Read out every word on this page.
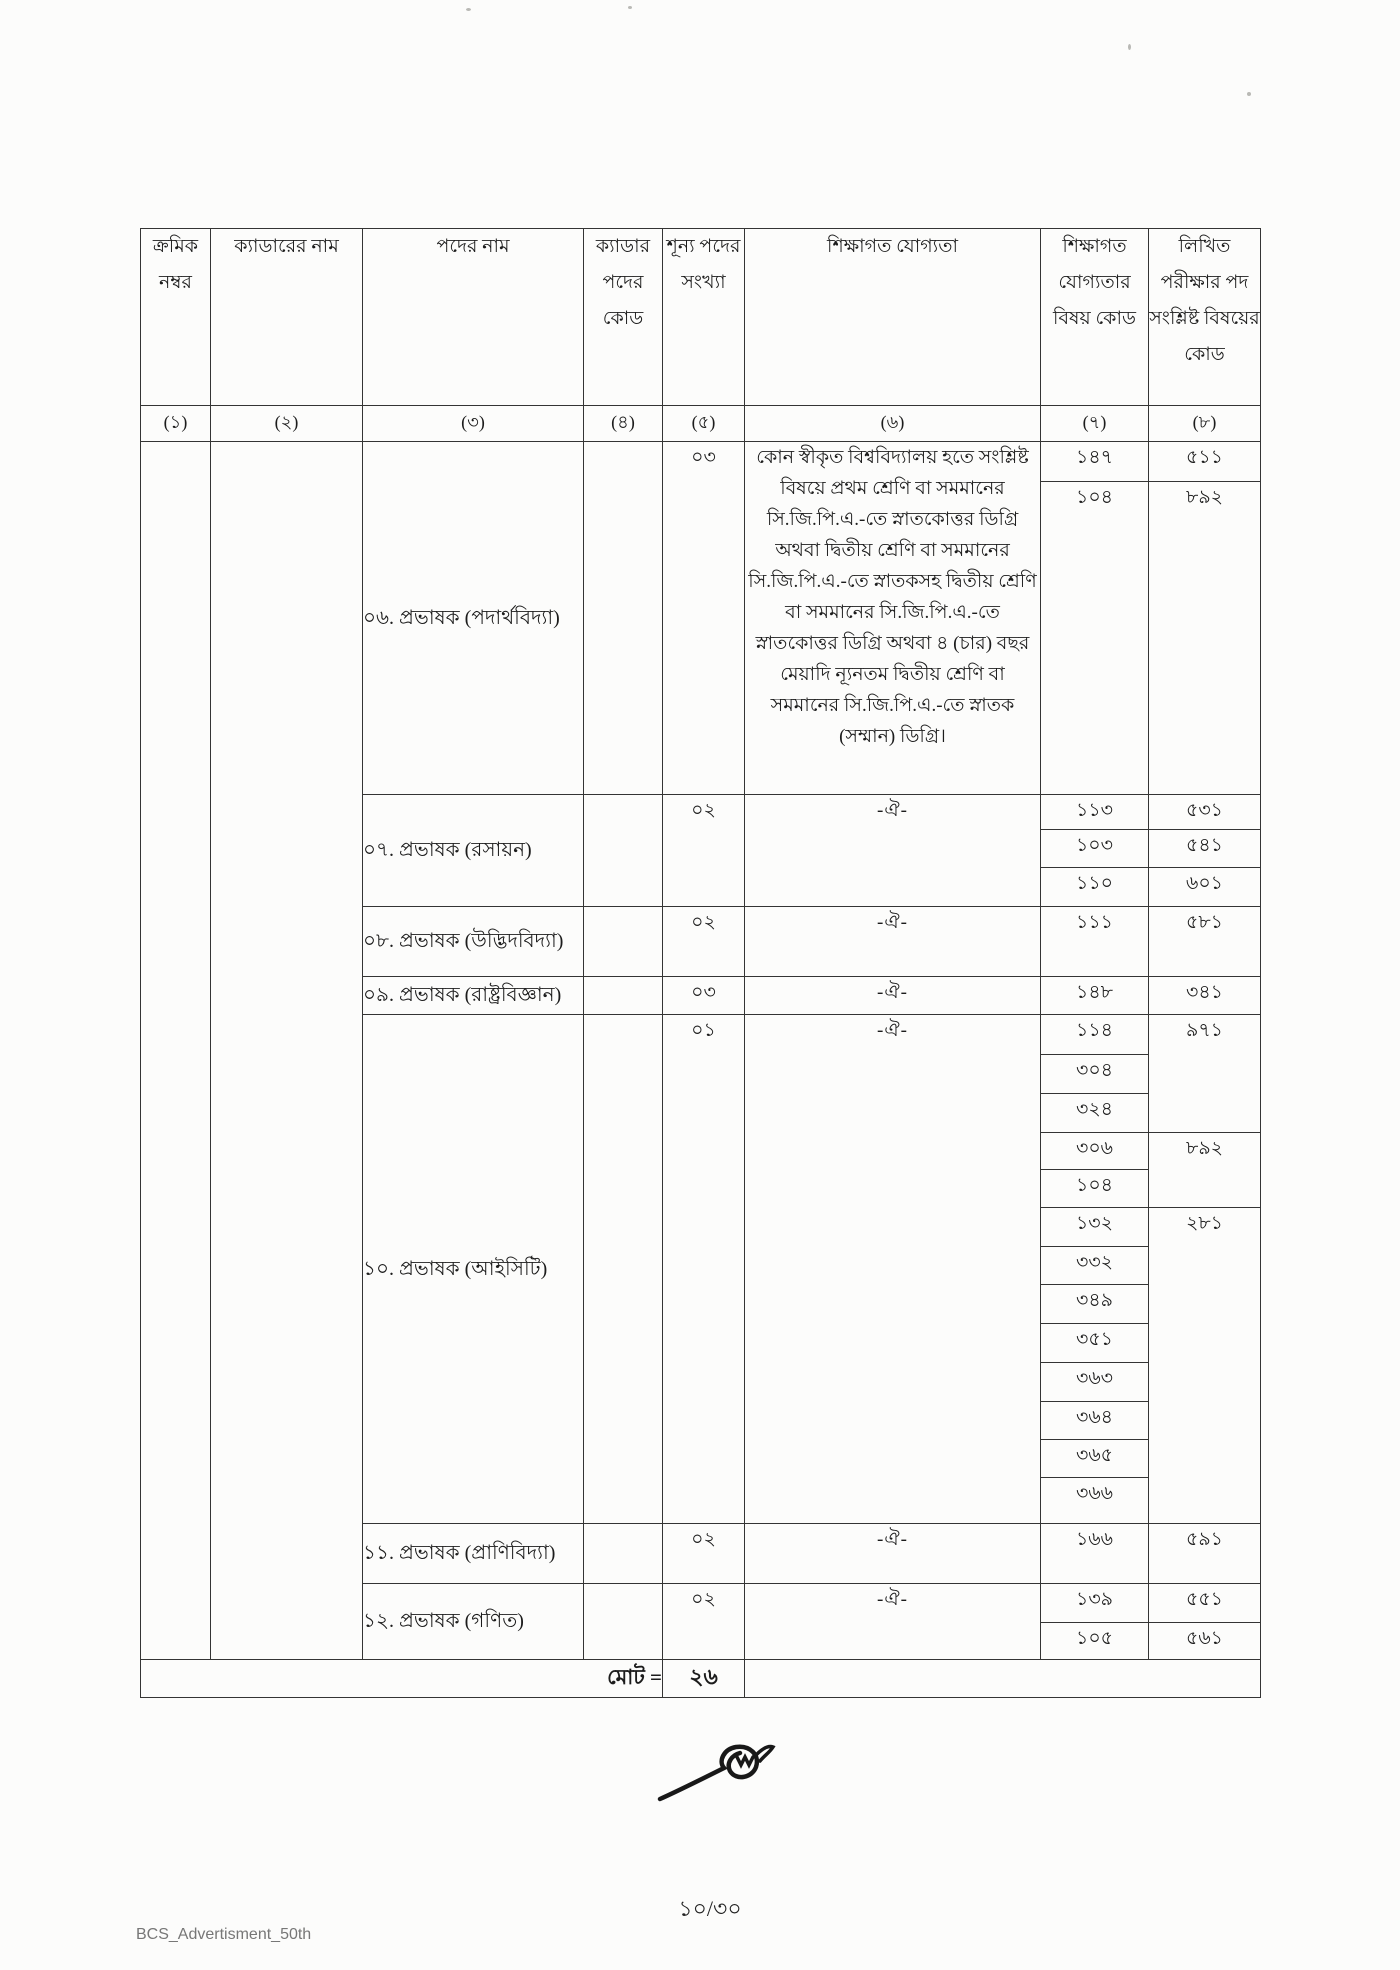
ক্রমিক নম্বর	ক্যাডারের নাম	পদের নাম	ক্যাডার পদের কোড	শূন্য পদের সংখ্যা	শিক্ষাগত যোগ্যতা	শিক্ষাগত যোগ্যতার বিষয় কোড	লিখিত পরীক্ষার পদ সংশ্লিষ্ট বিষয়ের কোড
(১)	(২)	(৩)	(৪)	(৫)	(৬)	(৭)	(৮)
		০৬. প্রভাষক (পদার্থবিদ্যা)		০৩	কোন স্বীকৃত বিশ্ববিদ্যালয় হতে সংশ্লিষ্ট বিষয়ে প্রথম শ্রেণি বা সমমানের সি.জি.পি.এ.-তে স্নাতকোত্তর ডিগ্রি অথবা দ্বিতীয় শ্রেণি বা সমমানের সি.জি.পি.এ.-তে স্নাতকসহ দ্বিতীয় শ্রেণি বা সমমানের সি.জি.পি.এ.-তে স্নাতকোত্তর ডিগ্রি অথবা ৪ (চার) বছর মেয়াদি ন্যূনতম দ্বিতীয় শ্রেণি বা সমমানের সি.জি.পি.এ.-তে স্নাতক (সম্মান) ডিগ্রি।	১৪৭	৫১১
						১০৪	৮৯২
		০৭. প্রভাষক (রসায়ন)		০২	-ঐ-	১১৩	৫৩১
						১০৩	৫৪১
						১১০	৬০১
		০৮. প্রভাষক (উদ্ভিদবিদ্যা)		০২	-ঐ-	১১১	৫৮১
		০৯. প্রভাষক (রাষ্ট্রবিজ্ঞান)		০৩	-ঐ-	১৪৮	৩৪১
		১০. প্রভাষক (আইসিটি)		০১	-ঐ-	১১৪	৯৭১
						৩০৪	
						৩২৪	
						৩০৬	৮৯২
						১০৪	
						১৩২	২৮১
						৩৩২	
						৩৪৯	
						৩৫১	
						৩৬৩	
						৩৬৪	
						৩৬৫	
						৩৬৬	
		১১. প্রভাষক (প্রাণিবিদ্যা)		০২	-ঐ-	১৬৬	৫৯১
		১২. প্রভাষক (গণিত)		০২	-ঐ-	১৩৯	৫৫১
						১০৫	৫৬১
মোট =				২৬			
১০/৩০
BCS_Advertisment_50th
